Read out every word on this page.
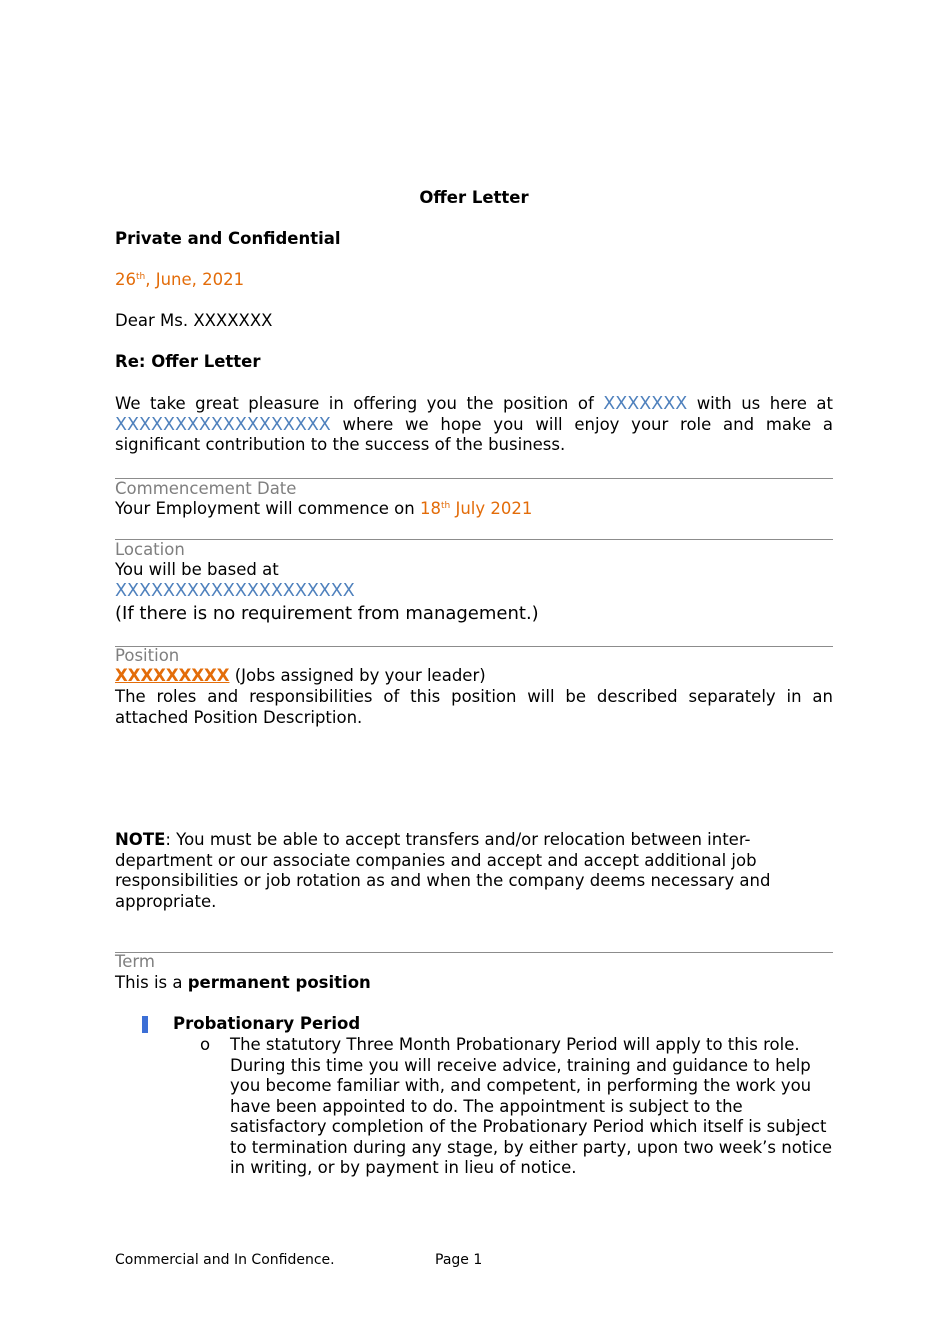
Offer Letter
Private and Confidential
26th, June, 2021
Dear Ms. XXXXXXX
Re: Offer Letter
We take great pleasure in offering you the position of XXXXXXX with us here at XXXXXXXXXXXXXXXXXX where we hope you will enjoy your role and make a significant contribution to the success of the business.
Commencement Date
Your Employment will commence on 18th July 2021
Location
You will be based at
XXXXXXXXXXXXXXXXXXXX
(If there is no requirement from management.)
Position
XXXXXXXXX (Jobs assigned by your leader)
The roles and responsibilities of this position will be described separately in an attached Position Description.
NOTE: You must be able to accept transfers and/or relocation between inter-department or our associate companies and accept and accept additional job responsibilities or job rotation as and when the company deems necessary and appropriate.
Term
This is a permanent position
Probationary Period
o The statutory Three Month Probationary Period will apply to this role. During this time you will receive advice, training and guidance to help you become familiar with, and competent, in performing the work you have been appointed to do. The appointment is subject to the satisfactory completion of the Probationary Period which itself is subject to termination during any stage, by either party, upon two week’s notice in writing, or by payment in lieu of notice.
Commercial and In Confidence.	Page 1
